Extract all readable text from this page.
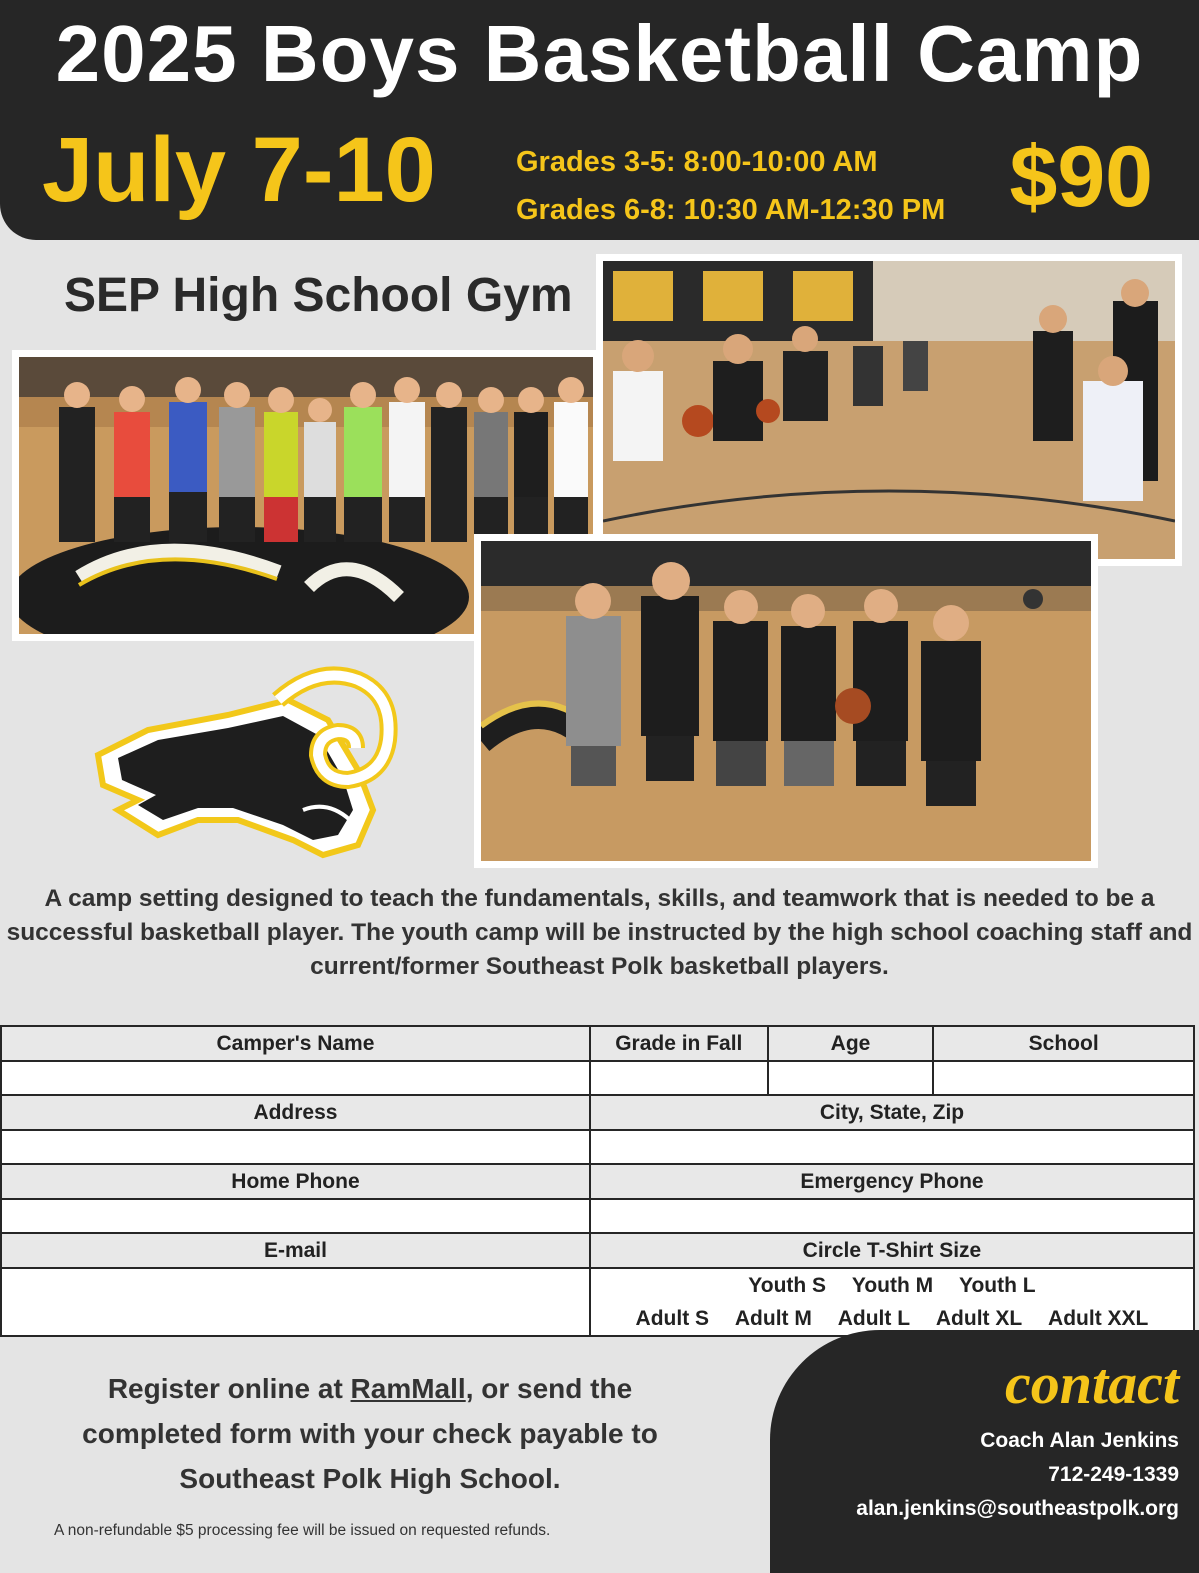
2025 Boys Basketball Camp
July 7-10	Grades 3-5: 8:00-10:00 AM
Grades 6-8: 10:30 AM-12:30 PM $90
SEP High School Gym
A camp setting designed to teach the fundamentals, skills, and teamwork that is needed to be a successful basketball player. The youth camp will be instructed by the high school coaching staff and current/former Southeast Polk basketball players.
Camper's Name	Grade in Fall	Age	School

Address	City, State, Zip		

Home Phone	Emergency Phone		

E-mail	Circle T-Shirt Size		

	Youth S Youth M Youth L
Adult S Adult M Adult L Adult XL Adult XXL		
Register online at RamMall, or send the completed form with your check payable to Southeast Polk High School.
A non-refundable $5 processing fee will be issued on requested refunds.
contact
Coach Alan Jenkins
712-249-1339
alan.jenkins@southeastpolk.org
